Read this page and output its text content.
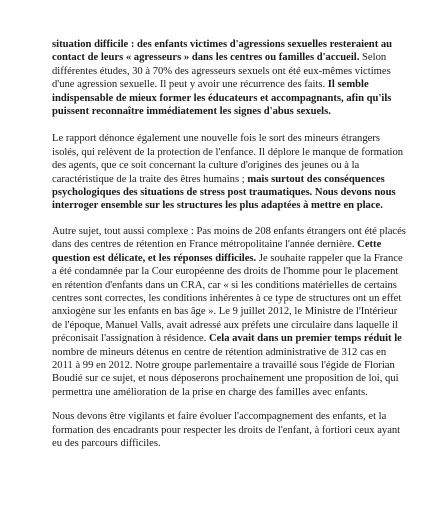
situation difficile : des enfants victimes d'agressions sexuelles resteraient au contact de leurs « agresseurs » dans les centres ou familles d'accueil. Selon différentes études, 30 à 70% des agresseurs sexuels ont été eux-mêmes victimes d'une agression sexuelle. Il peut y avoir une récurrence des faits. Il semble indispensable de mieux former les éducateurs et accompagnants, afin qu'ils puissent reconnaître immédiatement les signes d'abus sexuels.

Le rapport dénonce également une nouvelle fois le sort des mineurs étrangers isolés, qui relèvent de la protection de l'enfance. Il déplore le manque de formation des agents, que ce soit concernant la culture d'origines des jeunes ou à la caractéristique de la traite des êtres humains ; mais surtout des conséquences psychologiques des situations de stress post traumatiques. Nous devons nous interroger ensemble sur les structures les plus adaptées à mettre en place.

Autre sujet, tout aussi complexe : Pas moins de 208 enfants étrangers ont été placés dans des centres de rétention en France métropolitaine l'année dernière. Cette question est délicate, et les réponses difficiles. Je souhaite rappeler que la France a été condamnée par la Cour européenne des droits de l'homme pour le placement en rétention d'enfants dans un CRA, car « si les conditions matérielles de certains centres sont correctes, les conditions inhérentes à ce type de structures ont un effet anxiogène sur les enfants en bas âge ». Le 9 juillet 2012, le Ministre de l'Intérieur de l'époque, Manuel Valls, avait adressé aux préfets une circulaire dans laquelle il préconisait l'assignation à résidence. Cela avait dans un premier temps réduit le nombre de mineurs détenus en centre de rétention administrative de 312 cas en 2011 à 99 en 2012. Notre groupe parlementaire a travaillé sous l'égide de Florian Boudié sur ce sujet, et nous déposerons prochainement une proposition de loi, qui permettra une amélioration de la prise en charge des familles avec enfants.

Nous devons être vigilants et faire évoluer l'accompagnement des enfants, et la formation des encadrants pour respecter les droits de l'enfant, à fortiori ceux ayant eu des parcours difficiles.
